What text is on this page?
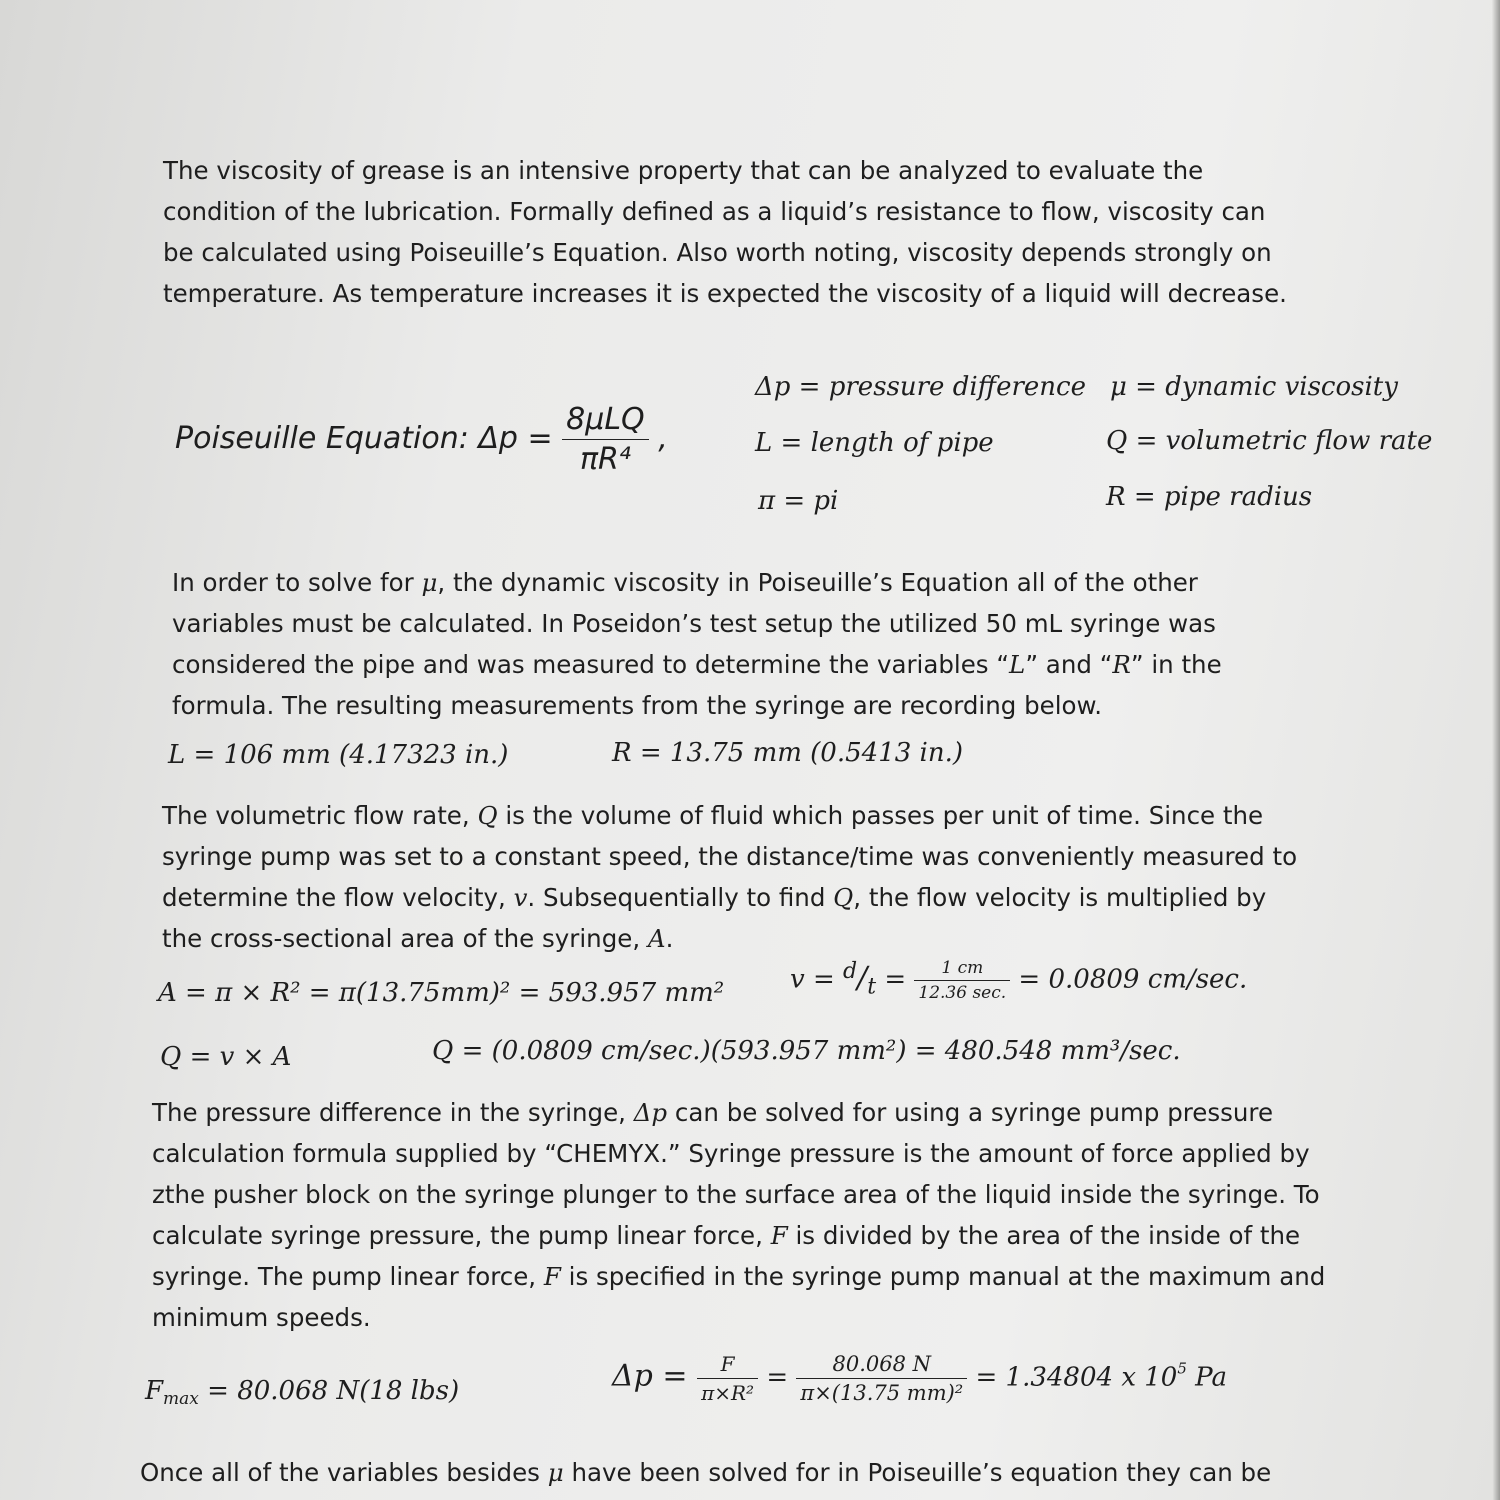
The viscosity of grease is an intensive property that can be analyzed to evaluate the condition of the lubrication. Formally defined as a liquid’s resistance to flow, viscosity can be calculated using Poiseuille’s Equation. Also worth noting, viscosity depends strongly on temperature. As temperature increases it is expected the viscosity of a liquid will decrease.

Poiseuille Equation: $\Delta p = \frac{\text{8μLQ}}{\text{πR⁴}}$ ,
Δp = pressure difference μ = dynamic viscosity
L = length of pipe	Q = volumetric flow rate
π = pi	R = pipe radius

In order to solve for μ, the dynamic viscosity in Poiseuille’s Equation all of the other variables must be calculated. In Poseidon’s test setup the utilized 50 mL syringe was considered the pipe and was measured to determine the variables “L” and “R” in the formula. The resulting measurements from the syringe are recording below.

L = 106 mm (4.17323 in.)	R = 13.75 mm (0.5413 in.)

The volumetric flow rate, Q is the volume of fluid which passes per unit of time. Since the syringe pump was set to a constant speed, the distance/time was conveniently measured to determine the flow velocity, v. Subsequentially to find Q, the flow velocity is multiplied by the cross-sectional area of the syringe, A.

A = π × R² = π(13.75mm)² = 593.957 mm²	$v = ^d/_t = \frac{1 cm}{12.36 \sec.} = 0.0809$ cm/sec.
Q = v × A	Q = (0.0809 cm/sec.)(593.957 mm²) = 480.548 mm³/sec.

The pressure difference in the syringe, Δp can be solved for using a syringe pump pressure calculation formula supplied by “CHEMYX.” Syringe pressure is the amount of force applied by zthe pusher block on the syringe plunger to the surface area of the liquid inside the syringe. To calculate syringe pressure, the pump linear force, F is divided by the area of the inside of the syringe. The pump linear force, F is specified in the syringe pump manual at the maximum and minimum speeds.

$F_{max} = 80.068$ N(18 lbs)	$\Delta p = \frac{F}{\text{π×R²}} = \frac{80.068 N}{\text{π×(13.75 mm)²}} = 1.34804$ x $10^5$ Pa

Once all of the variables besides μ have been solved for in Poiseuille’s equation they can be
